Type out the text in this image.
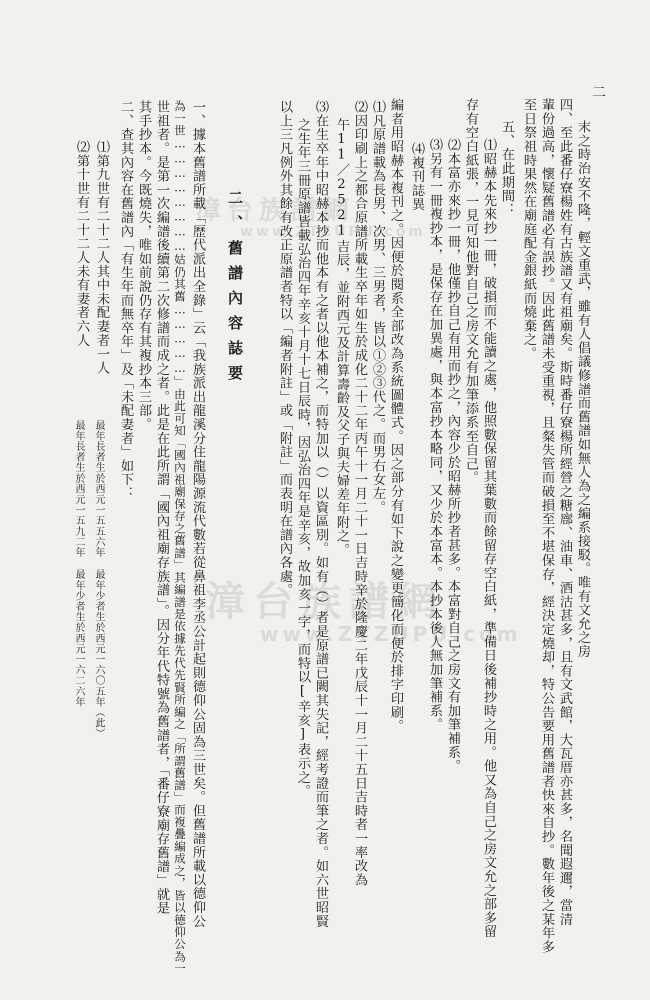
二
漳台族譜網
www.ZTZUPU.com
漳台族譜網
www.ZTZUPU.com	末之時治安不隆，輕文重武，雖有人倡議修譜而舊譜如無人為之編系接駁。唯有文允之房
四、至此番仔寮楊姓有古族譜又有祖廟矣。斯時番仔寮楊所經營之糖廍、油車、酒沽甚多，且有文武館，大瓦厝亦甚多，名聞遐邇，當清
輩份過高，懷疑舊譜必有誤抄。因此舊譜未受重視，且粲失管而破損至不堪保存，經決定燒却，特公告要用舊譜者快來自抄。數年後之某年多
至日祭祖時果然在廟庭配金銀紙而燒棄之。
五、在此期間：
⑴昭赫本先來抄一冊，破損而不能讀之處，他照數保留其葉數而餘留存空白紙，準備日後補抄時之用。他又為自己之房文允之部多留
存有空白紙張，一見可知他對自己之房文允有加筆添系至自己。
⑵本富亦來抄一冊，他僅抄自己有用而抄之，內容少於昭赫所抄者甚多。本富對自己之房文有加筆補系。
⑶另有一冊複抄本，是保存在加異處，與本富抄本略同，又少於本富本。本抄本後人無加筆補系。
⑷複刊誌異
編者用昭赫本複刊之。因便於閱系全部改為系統圖體式。因之部分有如下說之變更簡化而便於排字印刷。
⑴凡原譜載為長男、次男、三男者，皆以①②③代之。而男右女左。
⑵因印刷上之都合原譜所載生卒年如生於成化二十二年丙午十一月二十一日吉時辛於隆慶二年戊辰十一月二十五日吉時者一率改為
午11／2521吉辰，並附西元及計算壽齡及父子與夫婦差年附之。
⑶在生卒年中昭赫本抄而他本有之者以他本補之，而特加以（）以資區別。如有（）者是原譜已闕其失記，經考證而筆之者。如六世昭賢
之生年三冊原譜皆載弘治四年辛亥十月十七日辰時，因弘治四年是辛亥，故加亥一字，而特以[辛亥]表示之。
以上三凡例外其餘有改正原譜者特以「編者附註」或「附註」而表明在譜內各處。
二、舊譜內容誌要
一、據本舊譜所載「歷代派出全錄」云「我族派出龍溪分住龍陽源流代數若從鼻祖李丞公計起則德仰公固為三世矣。但舊譜所載以德仰公
為一世……………………姑仍其舊……………」由此可知「國內祖廟保存之舊譜」其編譜是依據先代先賢所編之「所謂舊譜」而複疊編成之，皆以德仰公為一
世祖者。是第一次編譜後續第二次修譜而成之者。此是在此所謂「國內祖廟存族譜」。因分年代特號為舊譜者，「番仔寮廟存舊譜」就是
其手抄本。今既燒失，唯如前說仍存有其複抄本三部。
二、查其內容在舊譜內「有生年而無卒年」及「未配妻者」如下：
⑴第九世有二十二人其中未配妻者一人
⑵第十世有二十二人未有妻者六人
最年長者生於西元一五五六年 最年少者生於西元一六〇五年（此）
最年長者生於西元一五九二年 最年少者生於西元一六二六年
